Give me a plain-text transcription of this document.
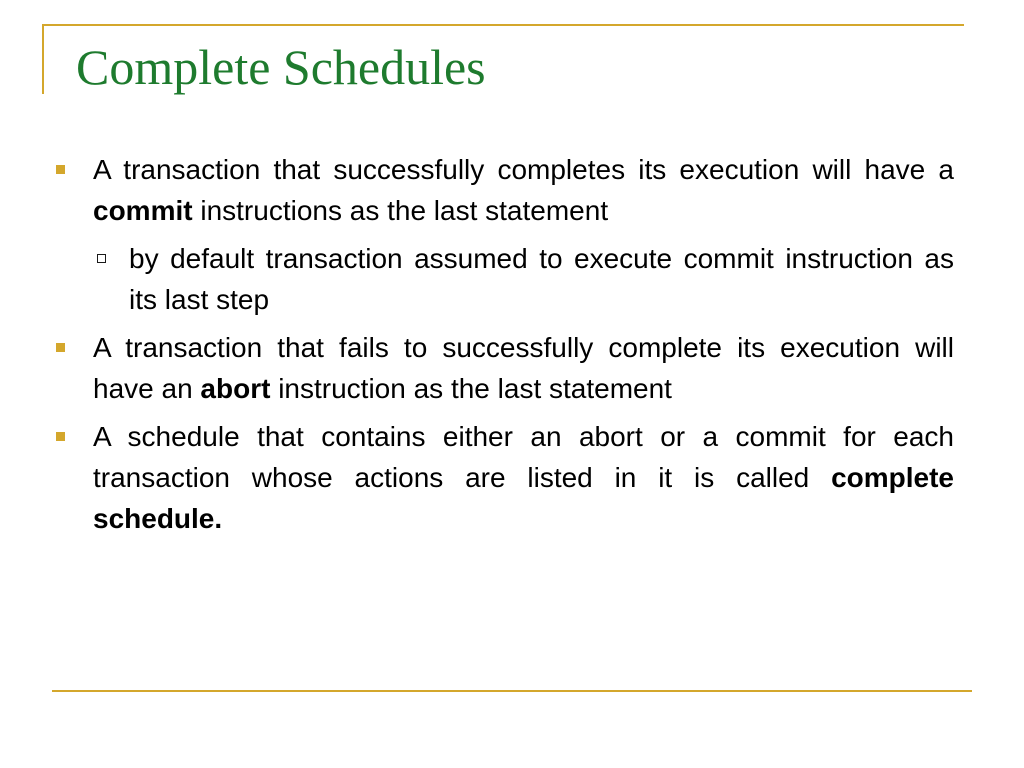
Complete Schedules
A transaction that successfully completes its execution will have a commit instructions as the last statement
by default transaction assumed to execute commit instruction as its last step
A transaction that fails to successfully complete its execution will have an abort instruction as the last statement
A schedule that contains either an abort or a commit for each transaction whose actions are listed in it is called complete schedule.
